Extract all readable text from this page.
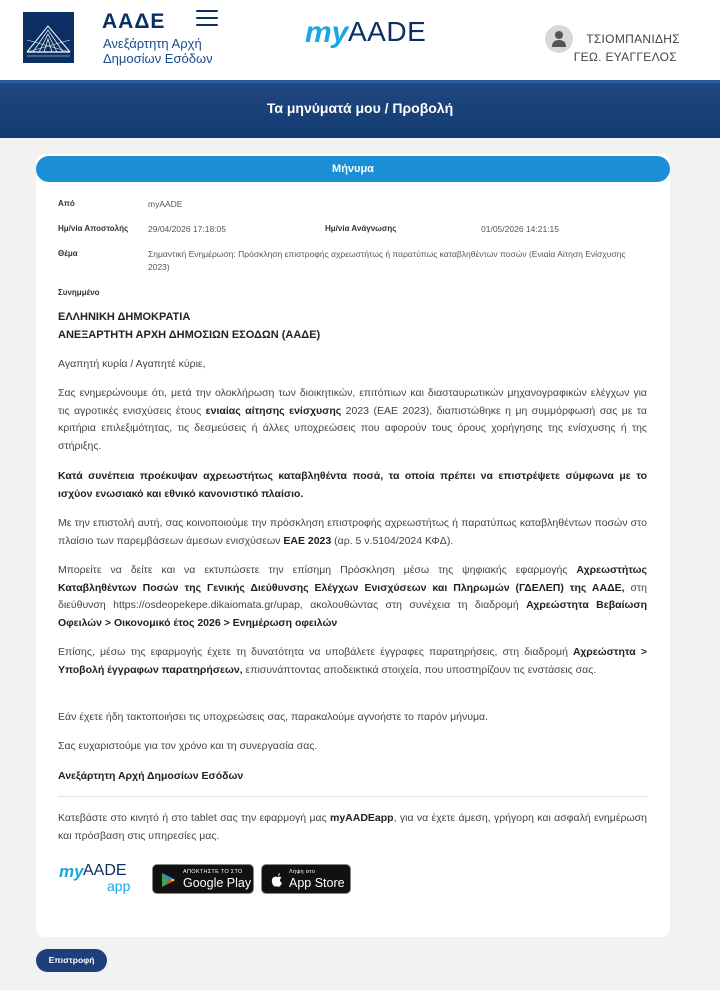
ΑΑΔΕ
Ανεξάρτητη Αρχή
Δημοσίων Εσόδων
my AADE	ΤΣΙΟΜΠΑΝΙΔΗΣ
ΓΕΩ. ΕΥΑΓΓΕΛΟΣ
Τα μηνύματά μου / Προβολή
Μήνυμα
Από	myAADE
Ημ/νία Αποστολής 29/04/2026 17:18:05	Ημ/νία Ανάγνωσης	01/05/2026 14:21:15
Θέμα	Σημαντική Ενημέρωση: Πρόσκληση επιστροφής αχρεωστήτως ή παρατύπως καταβληθέντων ποσών (Ενιαία Αίτηση Ενίσχυσης 2023)
Συνημμένο
ΕΛΛΗΝΙΚΗ ΔΗΜΟΚΡΑΤΙΑ
ΑΝΕΞΑΡΤΗΤΗ ΑΡΧΗ ΔΗΜΟΣΙΩΝ ΕΣΟΔΩΝ (ΑΑΔΕ)
Αγαπητή κυρία / Αγαπητέ κύριε,
Σας ενημερώνουμε ότι, μετά την ολοκλήρωση των διοικητικών, επιτόπιων και διασταυρωτικών μηχανογραφικών ελέγχων για τις αγροτικές ενισχύσεις έτους ενιαίας αίτησης ενίσχυσης 2023 (ΕΑΕ 2023), διαπιστώθηκε η μη συμμόρφωσή σας με τα κριτήρια επιλεξιμότητας, τις δεσμεύσεις ή άλλες υποχρεώσεις που αφορούν τους όρους χορήγησης της ενίσχυσης ή της στήριξης.
Κατά συνέπεια προέκυψαν αχρεωστήτως καταβληθέντα ποσά, τα οποία πρέπει να επιστρέψετε σύμφωνα με το ισχύον ενωσιακό και εθνικό κανονιστικό πλαίσιο.
Με την επιστολή αυτή, σας κοινοποιούμε την πρόσκληση επιστροφής αχρεωστήτως ή παρατύπως καταβληθέντων ποσών στο πλαίσιο των παρεμβάσεων άμεσων ενισχύσεων ΕΑΕ 2023 (αρ. 5 ν.5104/2024 ΚΦΔ).
Μπορείτε να δείτε και να εκτυπώσετε την επίσημη Πρόσκληση μέσω της ψηφιακής εφαρμογής Αχρεωστήτως Καταβληθέντων Ποσών της Γενικής Διεύθυνσης Ελέγχων Ενισχύσεων και Πληρωμών (ΓΔΕΛΕΠ) της ΑΑΔΕ, στη διεύθυνση https://osdeopekepe.dikaiomata.gr/upap, ακολουθώντας στη συνέχεια τη διαδρομή Αχρεώστητα Βεβαίωση Οφειλών > Οικονομικό έτος 2026 > Ενημέρωση οφειλών
Επίσης, μέσω της εφαρμογής έχετε τη δυνατότητα να υποβάλετε έγγραφες παρατηρήσεις, στη διαδρομή Αχρεώστητα > Υποβολή έγγραφων παρατηρήσεων, επισυνάπτοντας αποδεικτικά στοιχεία, που υποστηρίζουν τις ενστάσεις σας.
Εάν έχετε ήδη τακτοποιήσει τις υποχρεώσεις σας, παρακαλούμε αγνοήστε το παρόν μήνυμα.
Σας ευχαριστούμε για τον χρόνο και τη συνεργασία σας.
Ανεξάρτητη Αρχή Δημοσίων Εσόδων
Κατεβάστε στο κινητό ή στο tablet σας την εφαρμογή μας myAADEapp, για να έχετε άμεση, γρήγορη και ασφαλή ενημέρωση και πρόσβαση στις υπηρεσίες μας.
my AADE
app
ΑΠΟΚΤΗΣΤΕ ΤΟ ΣΤΟ
Google Play
Λήψη στο
App Store
Επιστροφή
